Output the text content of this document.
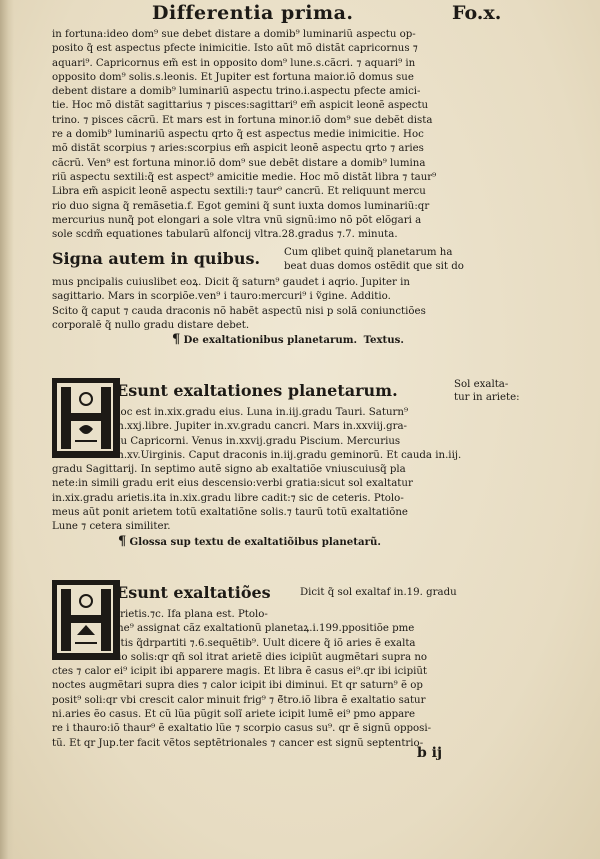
Differentia prima.	Fo.x.
in fortuna:ideo dom⁹ sue debet distare a domib⁹ luminariũ aspectu op-
posito q̃ est aspectus pfecte inimicitie. Isto aũt mõ distãt capricornus ⁊
aquari⁹. Capricornus em̃ est in opposito dom⁹ lune.s.cãcri. ⁊ aquari⁹ in
opposito dom⁹ solis.s.leonis. Et Jupiter est fortuna maior.iõ domus sue
debent distare a domib⁹ luminariũ aspectu trino.i.aspectu pfecte amici-
tie. Hoc mõ distãt sagittarius ⁊ pisces:sagittari⁹ em̃ aspicit leonẽ aspectu
trino. ⁊ pisces cãcrũ. Et mars est in fortuna minor.iõ dom⁹ sue debẽt dista
re a domib⁹ luminariũ aspectu qrto q̃ est aspectus medie inimicitie. Hoc
mõ distãt scorpius ⁊ aries:scorpius em̃ aspicit leonẽ aspectu qrto ⁊ aries
cãcrũ. Ven⁹ est fortuna minor.iõ dom⁹ sue debẽt distare a domib⁹ lumina
riũ aspectu sextili:q̃ est aspect⁹ amicitie medie. Hoc mõ distãt libra ⁊ taur⁹
Libra em̃ aspicit leonẽ aspectu sextili:⁊ taur⁹ cancrũ. Et reliquunt mercu
rio duo signa q̃ remãsetia.f. Egot gemini q̃ sunt iuxta domos luminariũ:qr
mercurius nunq̃ pot elongari a sole vltra vnũ signũ:imo nõ põt elõgari a
sole scdm̃ equationes tabularũ alfoncij vltra.28.gradus ⁊.7. minuta.
Signa autem in quibus. Cum qlibet quinq̃ planetarum ha
beat duas domos ostẽdit que sit do
mus pncipalis cuiuslibet eoꝝ. Dicit q̃ saturn⁹ gaudet i aqrio. Jupiter in
sagittario. Mars in scorpiõe.ven⁹ i tauro:mercuri⁹ i ṽgine. Additio.
Scito q̃ caput ⁊ cauda draconis nõ habẽt aspectũ nisi p solã coniunctiões
corporalẽ q̃ nullo gradu distare debet.
¶ De exaltationibus planetarum. Textus.
Esunt exaltationes planetarum.	Sol exalta-
tur in ariete:
hoc est in.xix.gradu eius. Luna in.iij.gradu Tauri. Saturn⁹
in.xxj.libre. Jupiter in.xv.gradu cancri. Mars in.xxviij.gra-
du Capricorni. Venus in.xxvij.gradu Piscium. Mercurius
in.xv.Uirginis. Caput draconis in.iij.gradu geminorũ. Et cauda in.iij.
gradu Sagittarij. In septimo autẽ signo ab exaltatiõe vniuscuiusq̃ pla
nete:in simili gradu erit eius descensio:verbi gratia:sicut sol exaltatur
in.xix.gradu arietis.ita in.xix.gradu libre cadit:⁊ sic de ceteris. Ptolo-
meus aũt ponit arietem totũ exaltatiõne solis.⁊ taurũ totũ exaltatiõne
Lune ⁊ cetera similiter.
¶ Glossa sup textu de exaltatiõibus planetarũ.
Esunt exaltatiões	Dicit q̃ sol exaltaf in.19. gradu
arietis.⁊c. Ifa plana est. Ptolo-
me⁹ assignat cãz exaltationũ planetaꝝ.i.199.ppositiõe pme
ptis q̃drpartiti ⁊.6.sequẽtib⁹. Uult dicere q̃ iõ aries ẽ exalta
tio solis:qr qñ sol itrat arietẽ dies icipiũt augmẽtari supra no
ctes ⁊ calor ei⁹ icipit ibi apparere magis. Et libra ẽ casus ei⁹.qr ibi icipiũt
noctes augmẽtari supra dies ⁊ calor icipit ibi diminui. Et qr saturn⁹ ẽ op
posit⁹ soli:qr vbi crescit calor minuit frig⁹ ⁊ ẽ̃tro.iõ libra ẽ exaltatio satur
ni.aries ẽo casus. Et cũ lũa pũgit solĩ ariete icipit lumẽ ei⁹ pmo appare
re i thauro:iõ thaur⁹ ẽ exaltatio lũe ⁊ scorpio casus su⁹. qr ẽ signũ opposi-
tũ. Et qr Jup.ter facit vẽtos septẽtrionales ⁊ cancer est signũ septentrio-
b ij
